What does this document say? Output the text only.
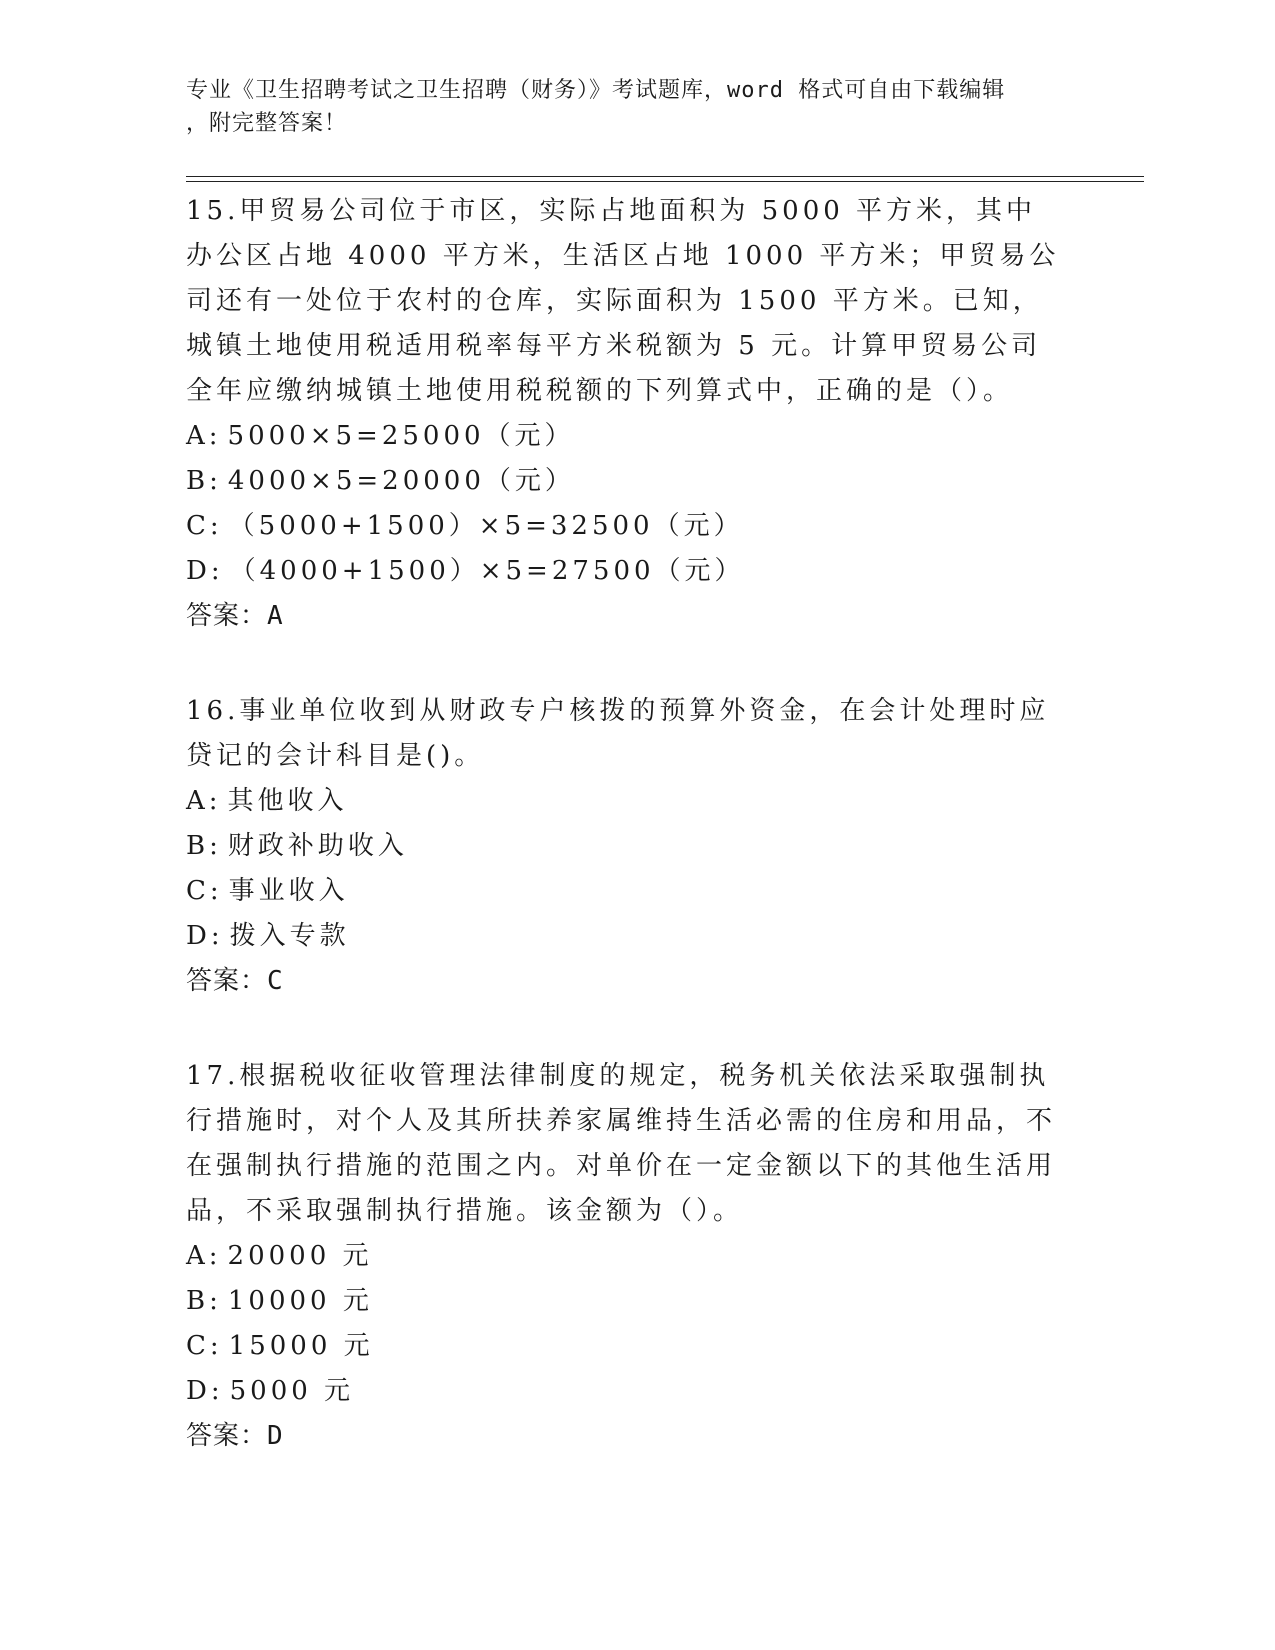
专业《卫生招聘考试之卫生招聘（财务）》考试题库，word 格式可自由下载编辑
，附完整答案！

15.甲贸易公司位于市区，实际占地面积为 5000 平方米，其中办公区占地 4000 平方米，生活区占地 1000 平方米；甲贸易公司还有一处位于农村的仓库，实际面积为 1500 平方米。已知，城镇土地使用税适用税率每平方米税额为 5 元。计算甲贸易公司全年应缴纳城镇土地使用税税额的下列算式中，正确的是（）。

A: 5000×5=25000（元）

B: 4000×5=20000（元）

C: （5000+1500）×5=32500（元）

D: （4000+1500）×5=27500（元）

答案：A

16.事业单位收到从财政专户核拨的预算外资金，在会计处理时应贷记的会计科目是()。

A: 其他收入

B: 财政补助收入

C: 事业收入

D: 拨入专款

答案：C

17.根据税收征收管理法律制度的规定，税务机关依法采取强制执行措施时，对个人及其所扶养家属维持生活必需的住房和用品，不在强制执行措施的范围之内。对单价在一定金额以下的其他生活用品，不采取强制执行措施。该金额为（）。

A: 20000 元

B: 10000 元

C: 15000 元

D: 5000 元

答案：D
